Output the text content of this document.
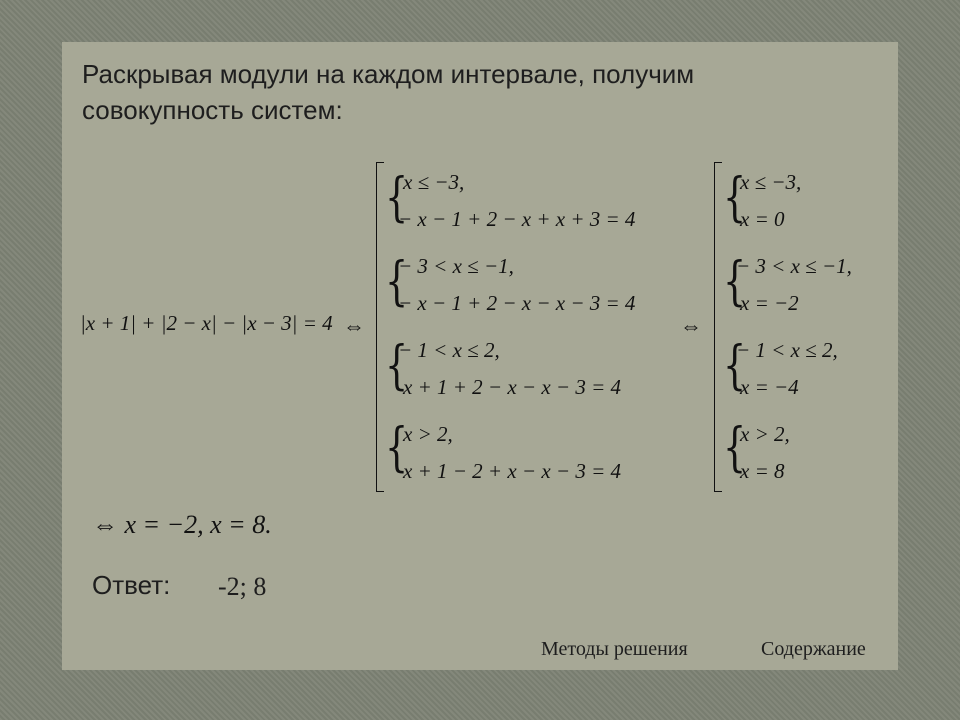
Раскрывая модули на каждом интервале, получим
совокупность систем:
|x + 1| + |2 − x| − |x − 3| = 4 ⇔	⇔
{
x ≤ −3,
− x − 1 + 2 − x + x + 3 = 4
{
− 3 < x ≤ −1,
− x − 1 + 2 − x − x − 3 = 4
{
− 1 < x ≤ 2,
x + 1 + 2 − x − x − 3 = 4
{
x > 2,
x + 1 − 2 + x − x − 3 = 4
{
x ≤ −3,
x = 0
{
− 3 < x ≤ −1,
x = −2
{
− 1 < x ≤ 2,
x = −4
{
x > 2,
x = 8
⇔ x = −2, x = 8.
Ответ: -2; 8
Методы решения	Содержание
